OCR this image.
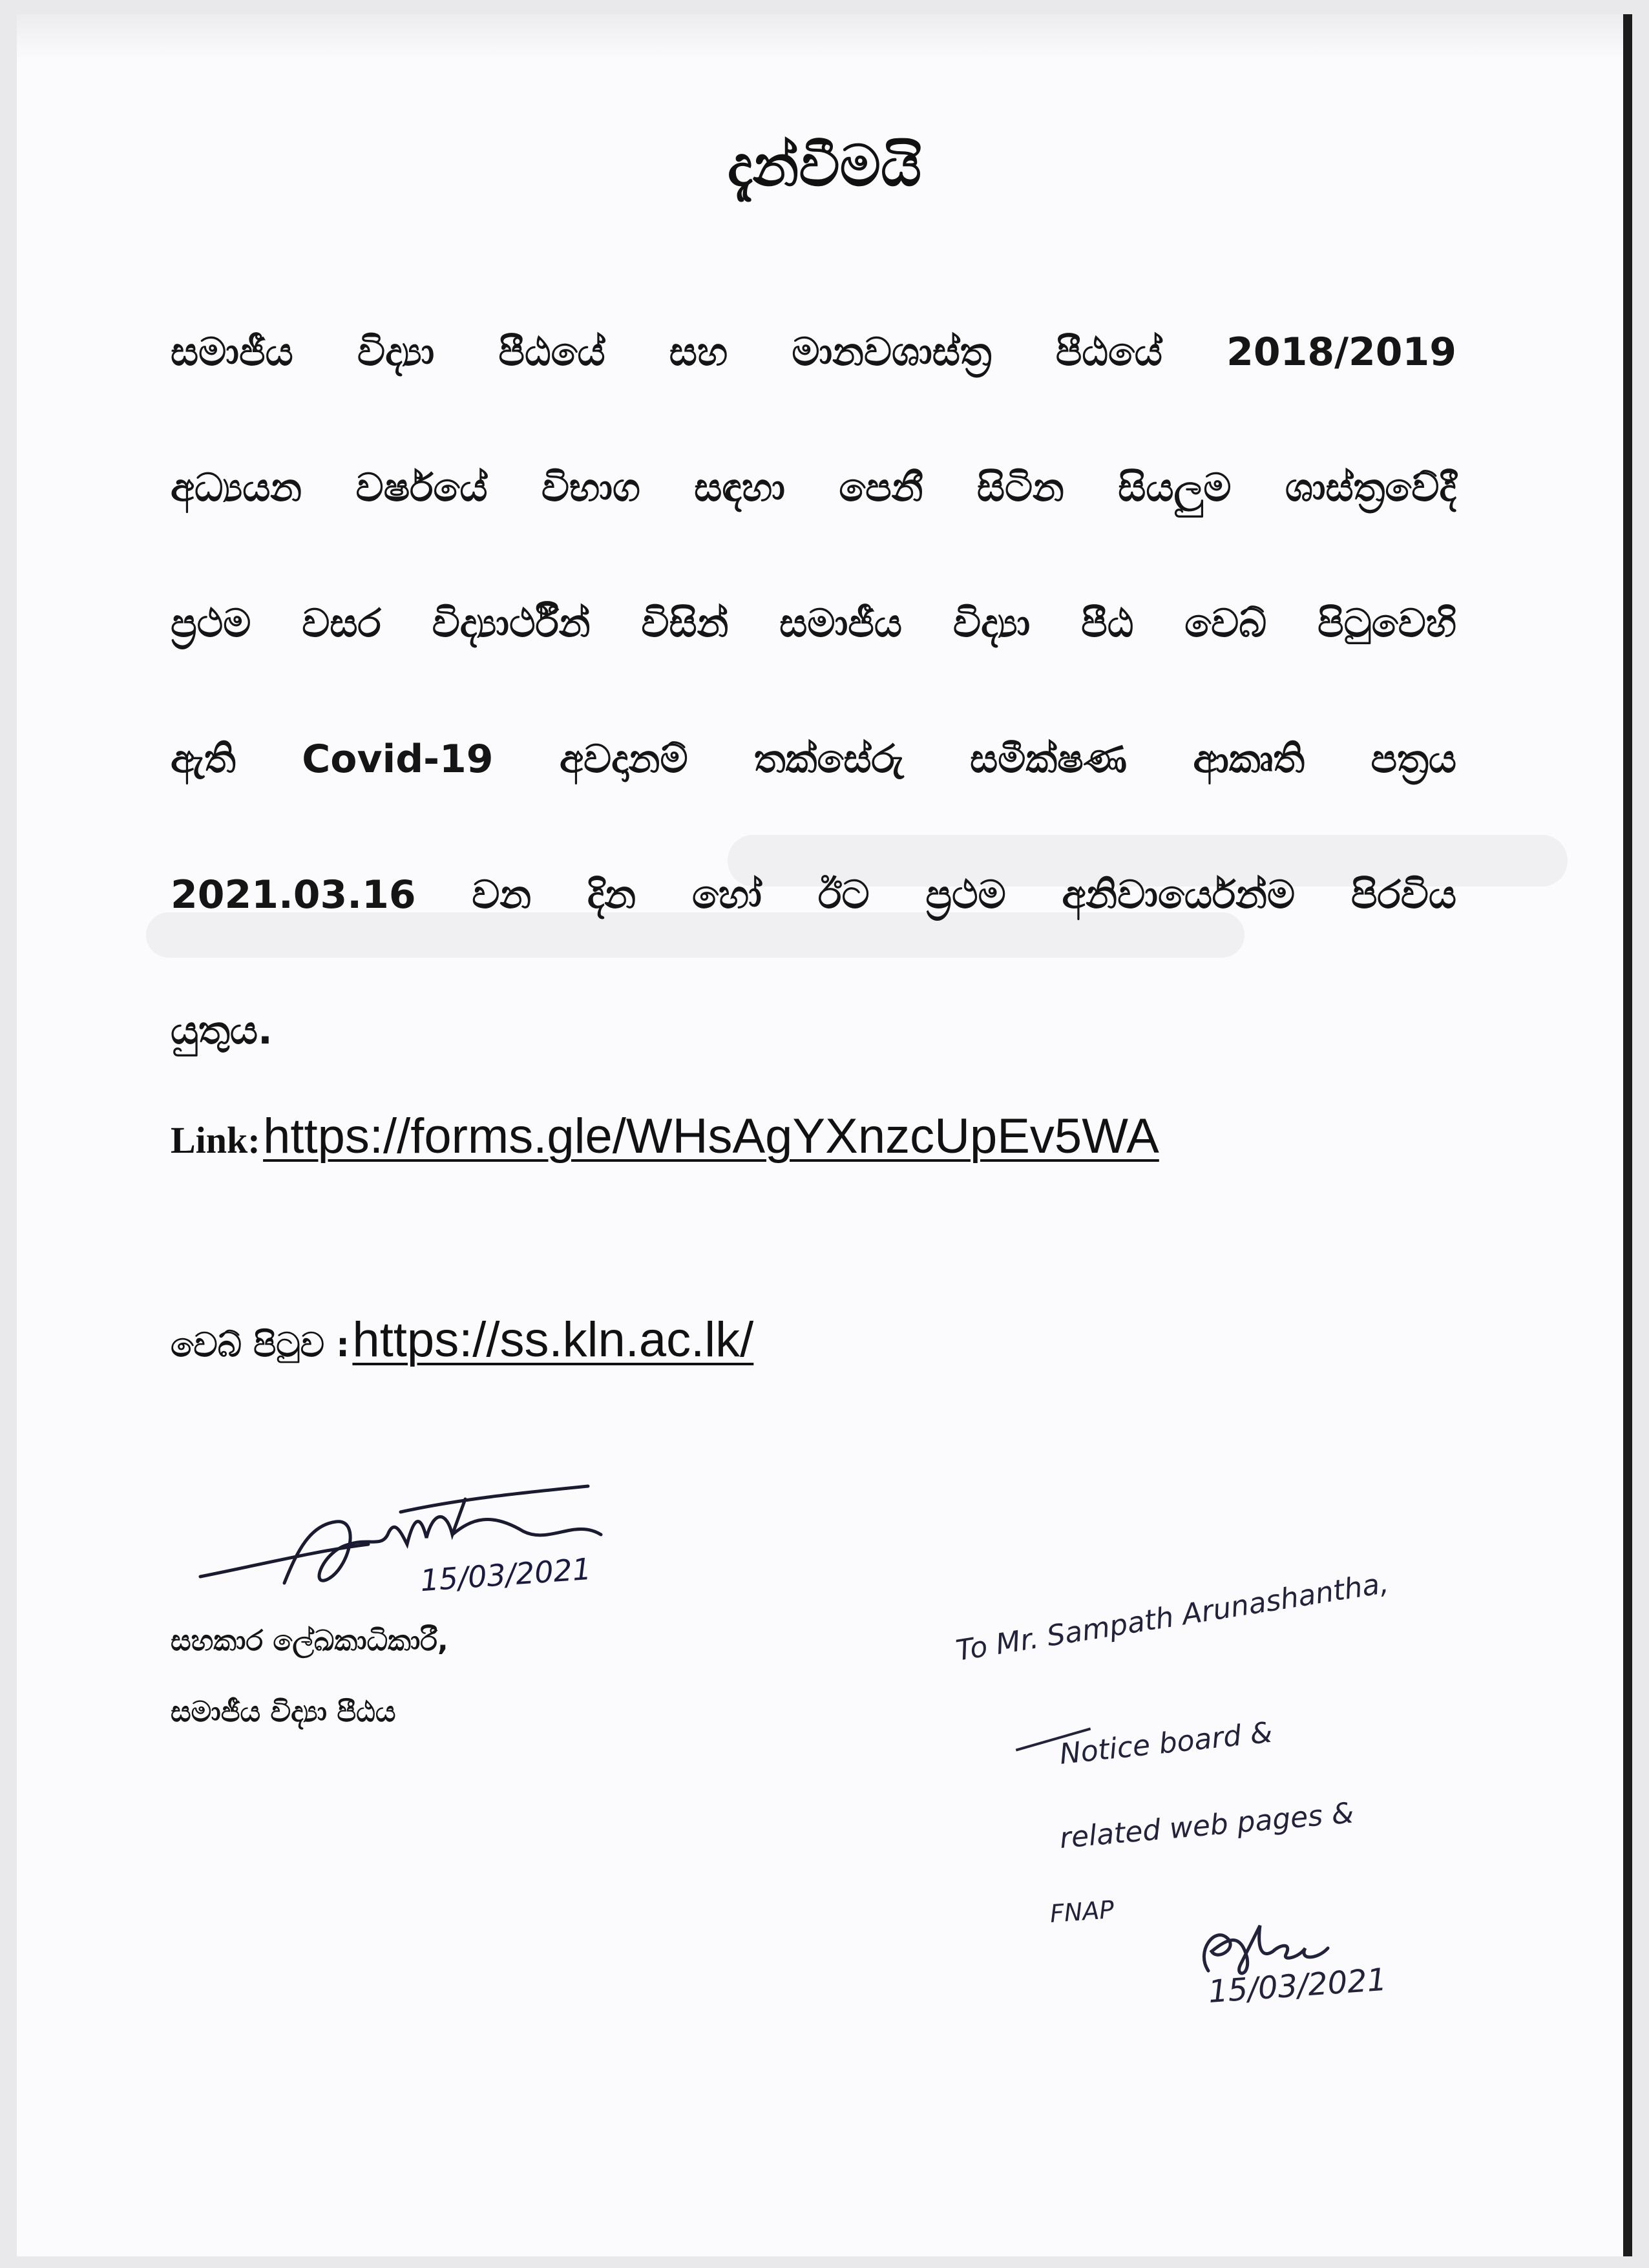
දැන්වීමයි
සමාජීය විද්‍යා පීඨයේ සහ මානවශාස්ත්‍ර පීඨයේ 2018/2019
අධ්‍යයන වර්ෂයේ විභාග සඳහා පෙනී සිටින සියලුම ශාස්ත්‍රවේදී
ප්‍රථම වසර විද්‍යාර්ථීන් විසින් සමාජීය විද්‍යා පීඨ වෙබ් පිටුවෙහි
ඇති Covid-19 අවදානම් තක්සේරු සමීක්ෂණ ආකෘති පත්‍රය
2021.03.16 වන දින හෝ ඊට ප්‍රථම අනිවාර්යෙන්ම පිරවිය
යුතුය.
Link: https://forms.gle/WHsAgYXnzcUpEv5WA
වෙබ් පිටුව : https://ss.kln.ac.lk/
15/03/2021
සහකාර ලේඛකාධිකාරී,
සමාජීය විද්‍යා පීඨය
To Mr. Sampath Arunashantha,
Notice board &
related web pages &
FNAP
15/03/2021
